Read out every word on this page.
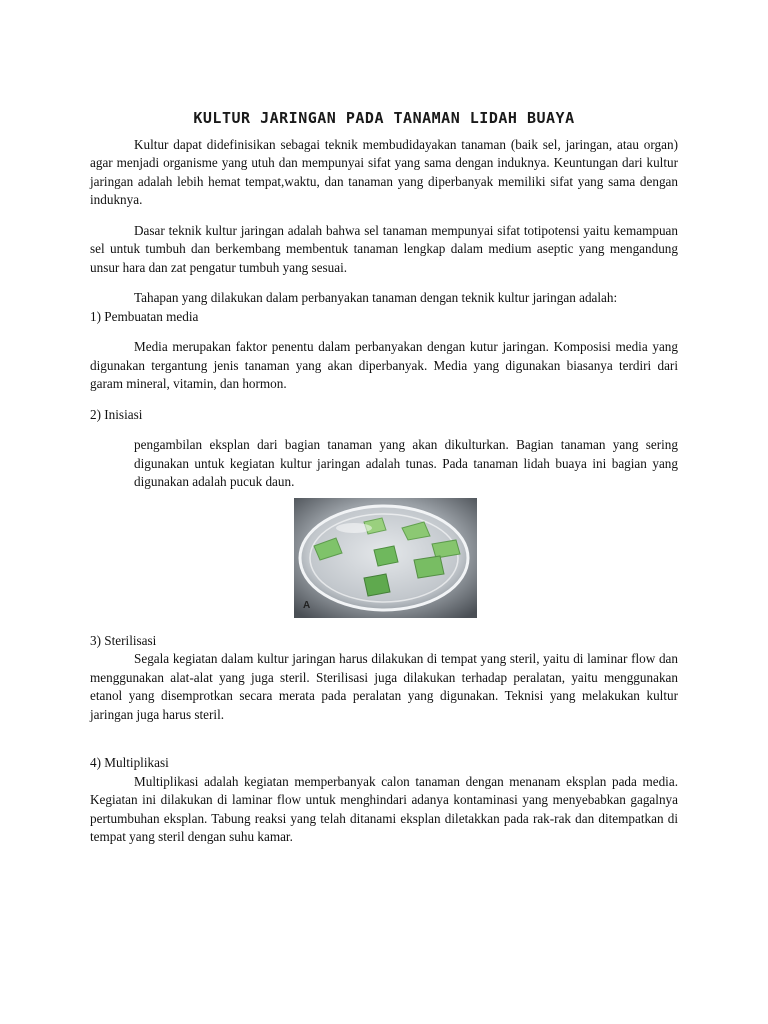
KULTUR JARINGAN PADA TANAMAN LIDAH BUAYA

Kultur dapat didefinisikan sebagai teknik membudidayakan tanaman (baik sel, jaringan, atau organ) agar menjadi organisme yang utuh dan mempunyai sifat yang sama dengan induknya. Keuntungan dari kultur jaringan adalah lebih hemat tempat,waktu, dan tanaman yang diperbanyak memiliki sifat yang sama dengan induknya.

Dasar teknik kultur jaringan adalah bahwa sel tanaman mempunyai sifat totipotensi yaitu kemampuan sel untuk tumbuh dan berkembang membentuk tanaman lengkap dalam medium aseptic yang mengandung unsur hara dan zat pengatur tumbuh yang sesuai.

Tahapan yang dilakukan dalam perbanyakan tanaman dengan teknik kultur jaringan adalah:

1) Pembuatan media

Media merupakan faktor penentu dalam perbanyakan dengan kutur jaringan. Komposisi media yang digunakan tergantung jenis tanaman yang akan diperbanyak. Media yang digunakan biasanya terdiri dari garam mineral, vitamin, dan hormon.

2) Inisiasi

pengambilan eksplan dari bagian tanaman yang akan dikulturkan. Bagian tanaman yang sering digunakan untuk kegiatan kultur jaringan adalah tunas. Pada tanaman lidah buaya ini bagian yang digunakan adalah pucuk daun.

A

3) Sterilisasi

Segala kegiatan dalam kultur jaringan harus dilakukan di tempat yang steril, yaitu di laminar flow dan menggunakan alat-alat yang juga steril. Sterilisasi juga dilakukan terhadap peralatan, yaitu menggunakan etanol yang disemprotkan secara merata pada peralatan yang digunakan. Teknisi yang melakukan kultur jaringan juga harus steril.

4) Multiplikasi

Multiplikasi adalah kegiatan memperbanyak calon tanaman dengan menanam eksplan pada media. Kegiatan ini dilakukan di laminar flow untuk menghindari adanya kontaminasi yang menyebabkan gagalnya pertumbuhan eksplan. Tabung reaksi yang telah ditanami eksplan diletakkan pada rak-rak dan ditempatkan di tempat yang steril dengan suhu kamar.
